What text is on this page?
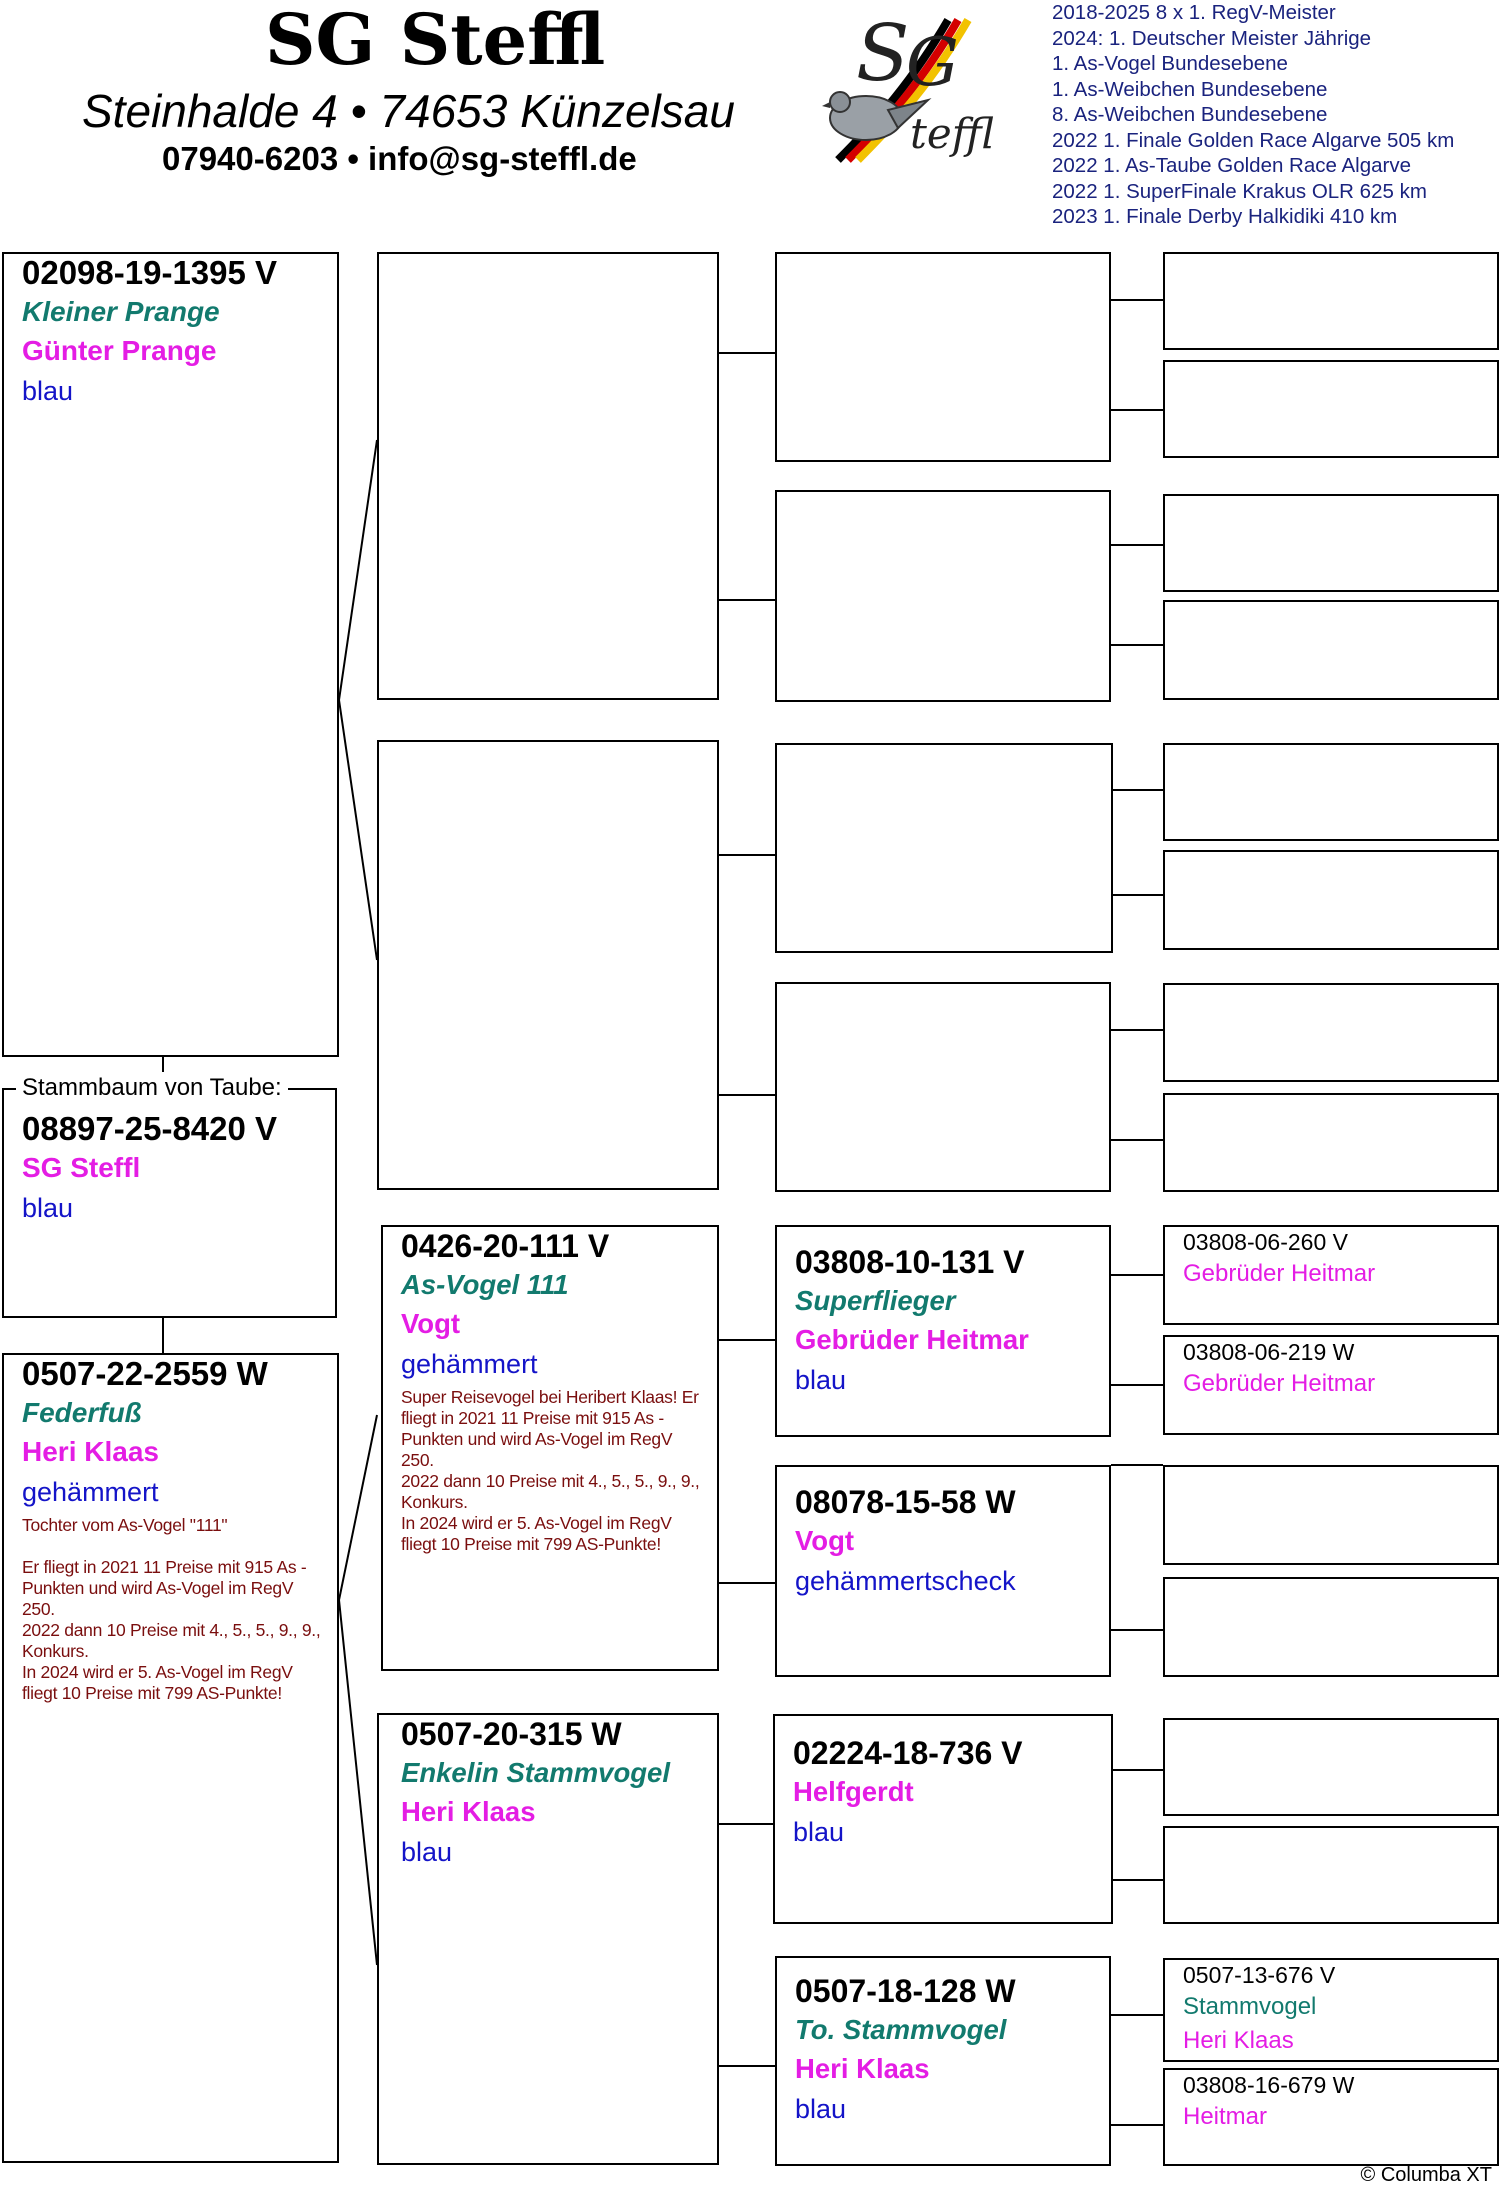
SG Steffl
Steinhalde 4 • 74653 Künzelsau
07940-6203 • info@sg-steffl.de
S
G
teffl
2018-2025 8 x 1. RegV-Meister
2024: 1. Deutscher Meister Jährige
1. As-Vogel Bundesebene
1. As-Weibchen Bundesebene
8. As-Weibchen Bundesebene
2022 1. Finale Golden Race Algarve 505 km
2022 1. As-Taube Golden Race Algarve
2022 1. SuperFinale Krakus OLR 625 km
2023 1. Finale Derby Halkidiki 410 km
02098-19-1395 V
Kleiner Prange
Günter Prange
blau
08897-25-8420 V
SG Steffl
blau
Stammbaum von Taube:
0507-22-2559 W
Federfuß
Heri Klaas
gehämmert
Tochter vom As-Vogel "111"

Er fliegt in 2021 11 Preise mit 915 As -Punkten und wird As-Vogel im RegV 250.
2022 dann 10 Preise mit 4., 5., 5., 9., 9., Konkurs.
In 2024 wird er 5. As-Vogel im RegV fliegt 10 Preise mit 799 AS-Punkte!
0426-20-111 V
As-Vogel 111
Vogt
gehämmert
Super Reisevogel bei Heribert Klaas! Er fliegt in 2021 11 Preise mit 915 As -Punkten und wird As-Vogel im RegV 250.
2022 dann 10 Preise mit 4., 5., 5., 9., 9., Konkurs.
In 2024 wird er 5. As-Vogel im RegV fliegt 10 Preise mit 799 AS-Punkte!
0507-20-315 W
Enkelin Stammvogel
Heri Klaas
blau
03808-10-131 V
Superflieger
Gebrüder Heitmar
blau
08078-15-58 W
Vogt
gehämmertscheck
02224-18-736 V
Helfgerdt
blau
0507-18-128 W
To. Stammvogel
Heri Klaas
blau
03808-06-260 V
Gebrüder Heitmar
03808-06-219 W
Gebrüder Heitmar
0507-13-676 V
Stammvogel
Heri Klaas
03808-16-679 W
Heitmar
© Columba XT
